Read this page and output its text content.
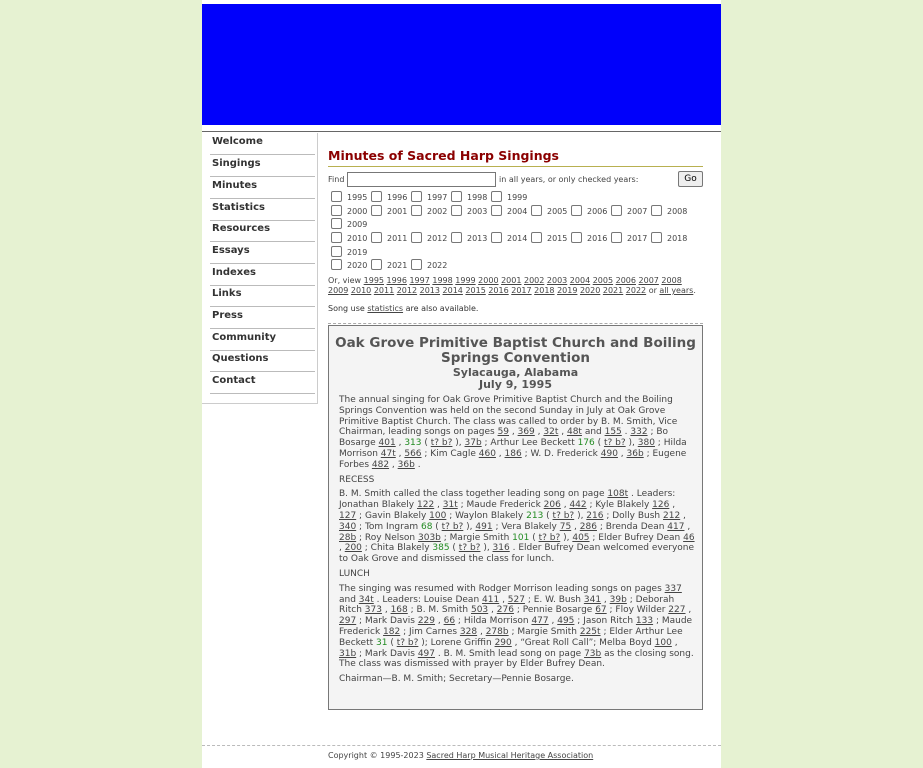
Welcome
Singings
Minutes
Statistics
Resources
Essays
Indexes
Links
Press
Community
Questions
Contact
Minutes of Sacred Harp Singings
Find	in all years, or only checked years:	Go
1995 1996 1997 1998 1999
2000 2001 2002 2003 2004 2005 2006 2007 2008
2009
2010 2011 2012 2013 2014 2015 2016 2017 2018
2019
2020 2021 2022
Or, view 1995 1996 1997 1998 1999 2000 2001 2002 2003 2004 2005 2006 2007 2008 2009 2010 2011 2012 2013 2014 2015 2016 2017 2018 2019 2020 2021 2022 or all years.
Song use statistics are also available.
Oak Grove Primitive Baptist Church and Boiling Springs Convention
Sylacauga, Alabama
July 9, 1995

The annual singing for Oak Grove Primitive Baptist Church and the Boiling Springs Convention was held on the second Sunday in July at Oak Grove Primitive Baptist Church. The class was called to order by B. M. Smith, Vice Chairman, leading songs on pages 59 , 369 , 32t , 48t and 155 . 332 ; Bo Bosarge 401 , 313 ( t? b? ), 37b ; Arthur Lee Beckett 176 ( t? b? ), 380 ; Hilda Morrison 47t , 566 ; Kim Cagle 460 , 186 ; W. D. Frederick 490 , 36b ; Eugene Forbes 482 , 36b .

RECESS

B. M. Smith called the class together leading song on page 108t . Leaders: Jonathan Blakely 122 , 31t ; Maude Frederick 206 , 442 ; Kyle Blakely 126 , 127 ; Gavin Blakely 100 ; Waylon Blakely 213 ( t? b? ), 216 ; Dolly Bush 212 , 340 ; Tom Ingram 68 ( t? b? ), 491 ; Vera Blakely 75 , 286 ; Brenda Dean 417 , 28b ; Roy Nelson 303b ; Margie Smith 101 ( t? b? ), 405 ; Elder Bufrey Dean 46 , 200 ; Chita Blakely 385 ( t? b? ), 316 . Elder Bufrey Dean welcomed everyone to Oak Grove and dismissed the class for lunch.

LUNCH

The singing was resumed with Rodger Morrison leading songs on pages 337 and 34t . Leaders: Louise Dean 411 , 527 ; E. W. Bush 341 , 39b ; Deborah Ritch 373 , 168 ; B. M. Smith 503 , 276 ; Pennie Bosarge 67 ; Floy Wilder 227 , 297 ; Mark Davis 229 , 66 ; Hilda Morrison 477 , 495 ; Jason Ritch 133 ; Maude Frederick 182 ; Jim Carnes 328 , 278b ; Margie Smith 225t ; Elder Arthur Lee Beckett 31 ( t? b? ); Lorene Griffin 290 , “Great Roll Call”; Melba Boyd 100 , 31b ; Mark Davis 497 . B. M. Smith lead song on page 73b as the closing song. The class was dismissed with prayer by Elder Bufrey Dean.

Chairman—B. M. Smith; Secretary—Pennie Bosarge.

Copyright © 1995-2023 Sacred Harp Musical Heritage Association
